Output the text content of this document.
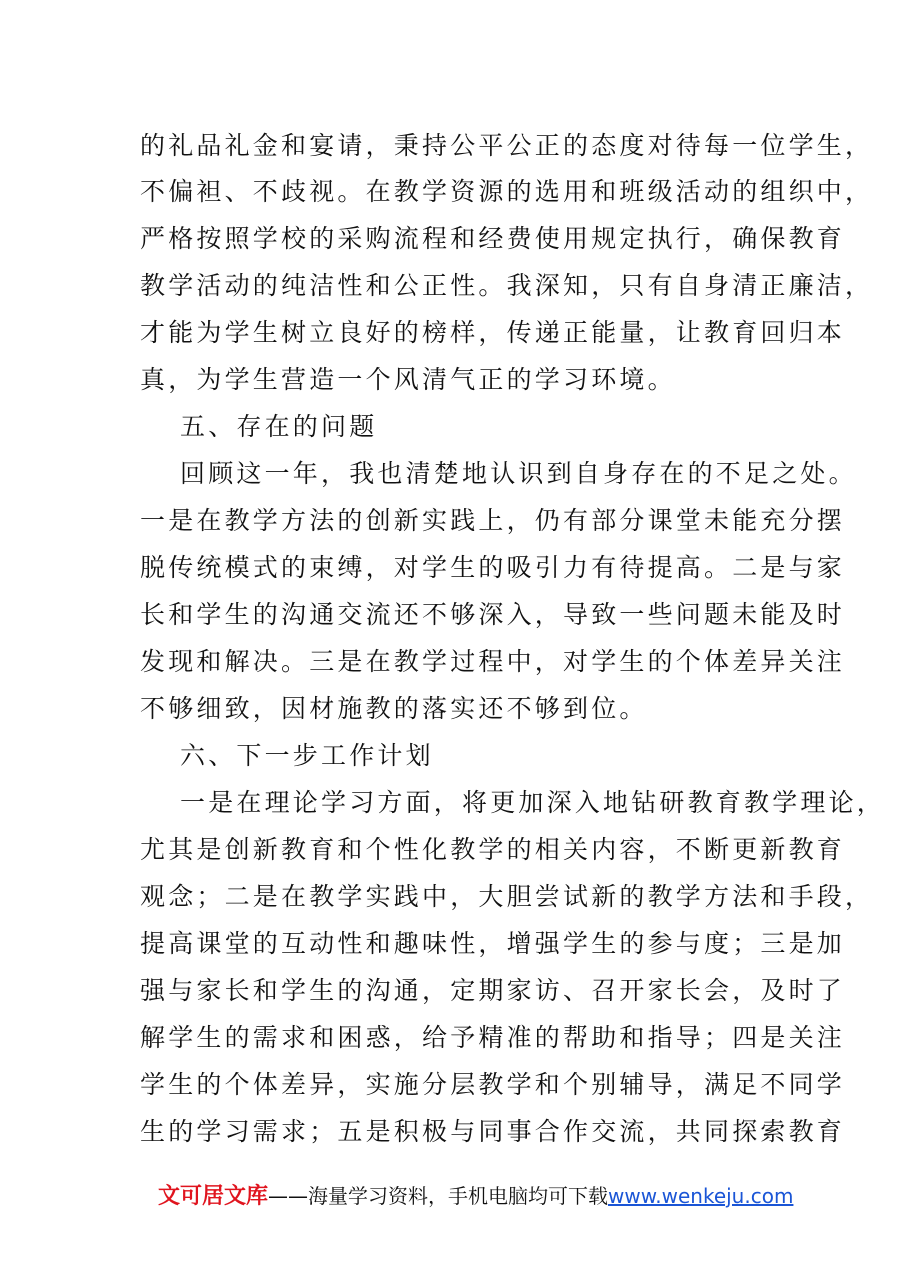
的礼品礼金和宴请，秉持公平公正的态度对待每一位学生，
不偏袒、不歧视。在教学资源的选用和班级活动的组织中，
严格按照学校的采购流程和经费使用规定执行，确保教育
教学活动的纯洁性和公正性。我深知，只有自身清正廉洁，
才能为学生树立良好的榜样，传递正能量，让教育回归本
真，为学生营造一个风清气正的学习环境。
五、存在的问题
回顾这一年，我也清楚地认识到自身存在的不足之处。
一是在教学方法的创新实践上，仍有部分课堂未能充分摆
脱传统模式的束缚，对学生的吸引力有待提高。二是与家
长和学生的沟通交流还不够深入，导致一些问题未能及时
发现和解决。三是在教学过程中，对学生的个体差异关注
不够细致，因材施教的落实还不够到位。
六、下一步工作计划
一是在理论学习方面，将更加深入地钻研教育教学理论，
尤其是创新教育和个性化教学的相关内容，不断更新教育
观念；二是在教学实践中，大胆尝试新的教学方法和手段，
提高课堂的互动性和趣味性，增强学生的参与度；三是加
强与家长和学生的沟通，定期家访、召开家长会，及时了
解学生的需求和困惑，给予精准的帮助和指导；四是关注
学生的个体差异，实施分层教学和个别辅导，满足不同学
生的学习需求；五是积极与同事合作交流，共同探索教育
文可居文库——海量学习资料，手机电脑均可下载www.wenkeju.com
